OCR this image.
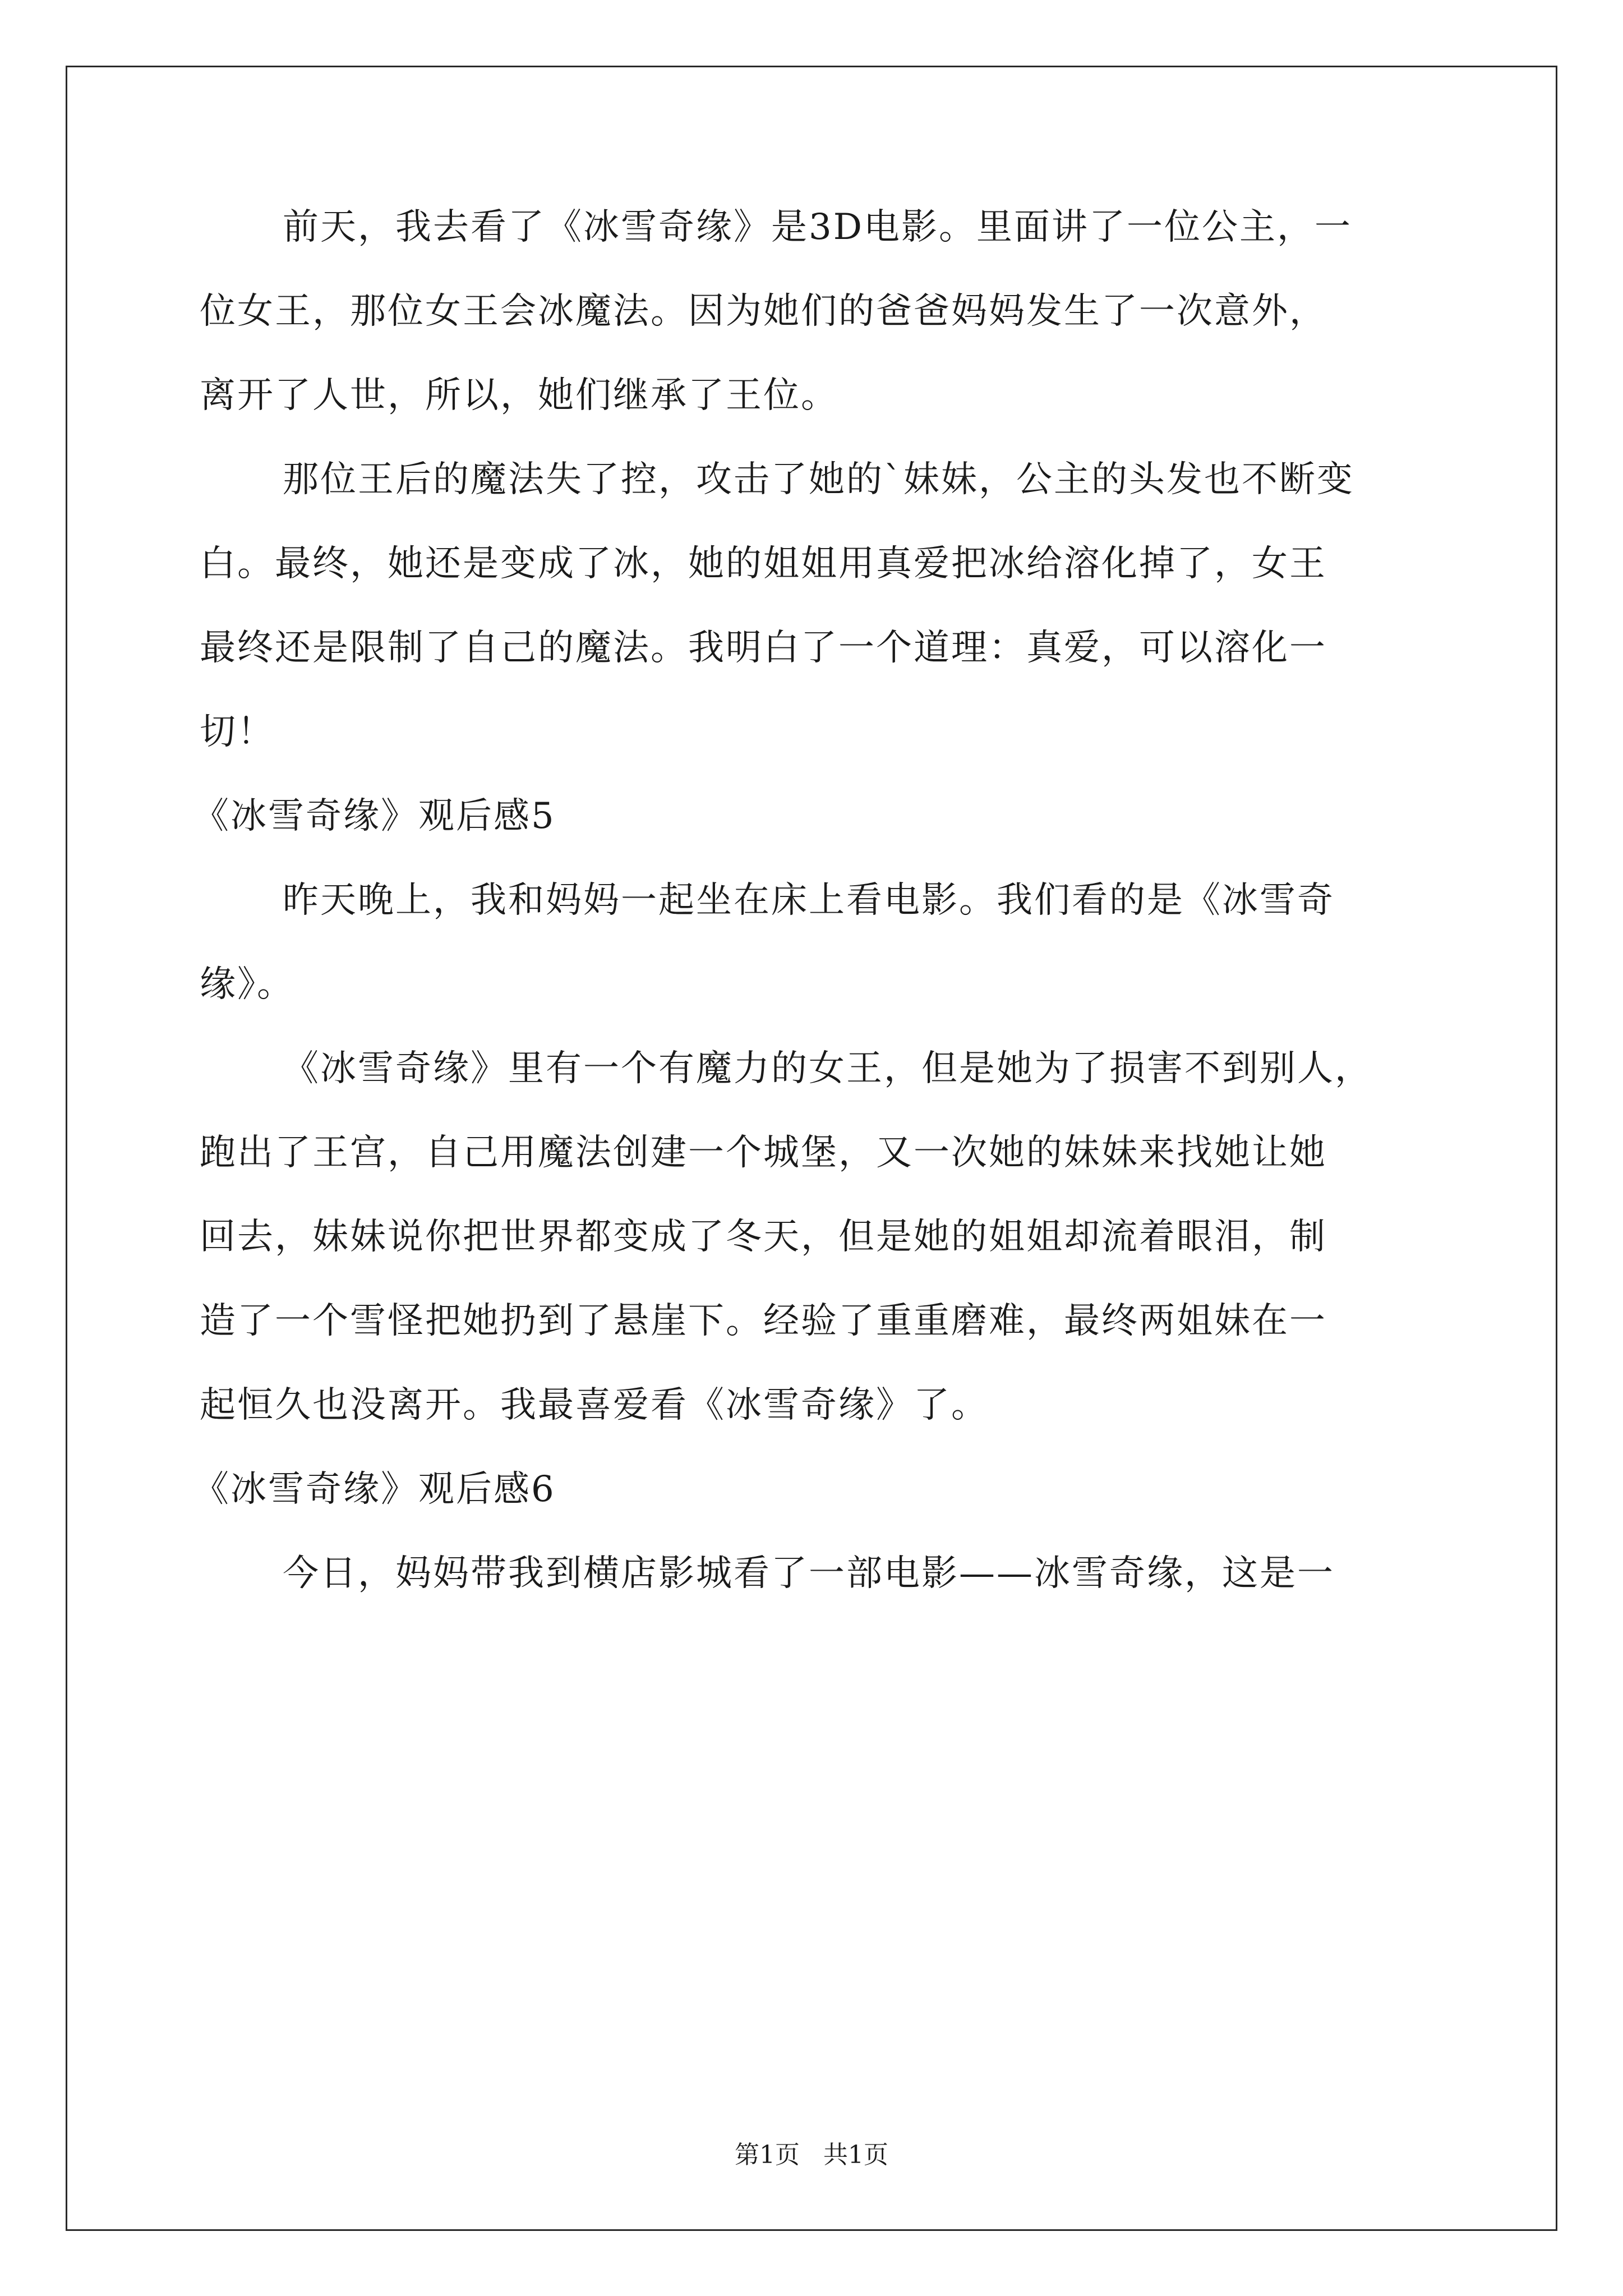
前天，我去看了《冰雪奇缘》是3D电影。里面讲了一位公主，一
位女王，那位女王会冰魔法。因为她们的爸爸妈妈发生了一次意外，
离开了人世，所以，她们继承了王位。
那位王后的魔法失了控，攻击了她的`妹妹，公主的头发也不断变
白。最终，她还是变成了冰，她的姐姐用真爱把冰给溶化掉了，女王
最终还是限制了自己的魔法。我明白了一个道理：真爱，可以溶化一
切！
《冰雪奇缘》观后感5
昨天晚上，我和妈妈一起坐在床上看电影。我们看的是《冰雪奇
缘》。
《冰雪奇缘》里有一个有魔力的女王，但是她为了损害不到别人，
跑出了王宫，自己用魔法创建一个城堡，又一次她的妹妹来找她让她
回去，妹妹说你把世界都变成了冬天，但是她的姐姐却流着眼泪，制
造了一个雪怪把她扔到了悬崖下。经验了重重磨难，最终两姐妹在一
起恒久也没离开。我最喜爱看《冰雪奇缘》了。
《冰雪奇缘》观后感6
今日，妈妈带我到横店影城看了一部电影——冰雪奇缘，这是一
第1页 共1页
